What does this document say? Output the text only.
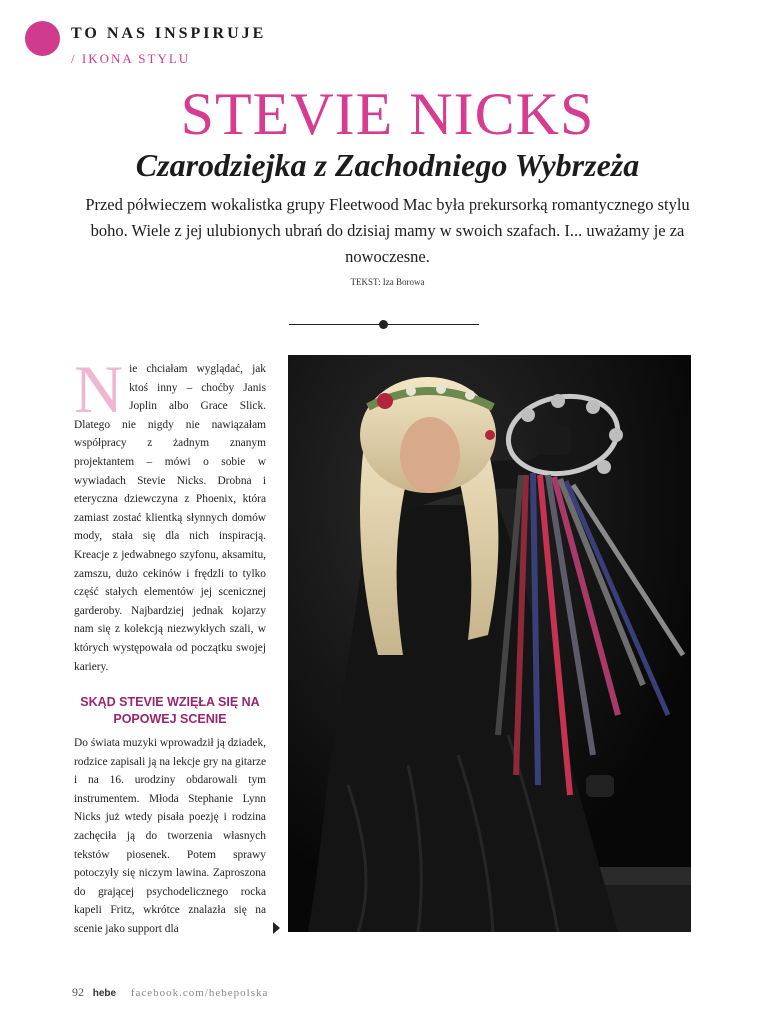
TO NAS INSPIRUJE
/ IKONA STYLU
STEVIE NICKS
Czarodziejka z Zachodniego Wybrzeża

Przed półwieczem wokalistka grupy Fleetwood Mac była prekursorką romantycznego stylu boho. Wiele z jej ulubionych ubrań do dzisiaj mamy w swoich szafach. I... uważamy je za nowoczesne.

TEKST: Iza Borowa

Nie chciałam wyglądać, jak ktoś inny – choćby Janis Joplin albo Grace Slick. Dlatego nie nigdy nie nawiązałam współpracy z żadnym znanym projektantem – mówi o sobie w wywiadach Stevie Nicks. Drobna i eteryczna dziewczyna z Phoenix, która zamiast zostać klientką słynnych domów mody, stała się dla nich inspiracją. Kreacje z jedwabnego szyfonu, aksamitu, zamszu, dużo cekinów i frędzli to tylko część stałych elementów jej scenicznej garderoby. Najbardziej jednak kojarzy nam się z kolekcją niezwykłych szali, w których występowała od początku swojej kariery.

SKĄD STEVIE WZIĘŁA SIĘ NA POPOWEJ SCENIE

Do świata muzyki wprowadził ją dziadek, rodzice zapisali ją na lekcje gry na gitarze i na 16. urodziny obdarowali tym instrumentem. Młoda Stephanie Lynn Nicks już wtedy pisała poezję i rodzina zachęciła ją do tworzenia własnych tekstów piosenek. Potem sprawy potoczyły się niczym lawina. Zaproszona do grającej psychodelicznego rocka kapeli Fritz, wkrótce znalazła się na scenie jako support dla

92 hebe facebook.com/hebepolska
